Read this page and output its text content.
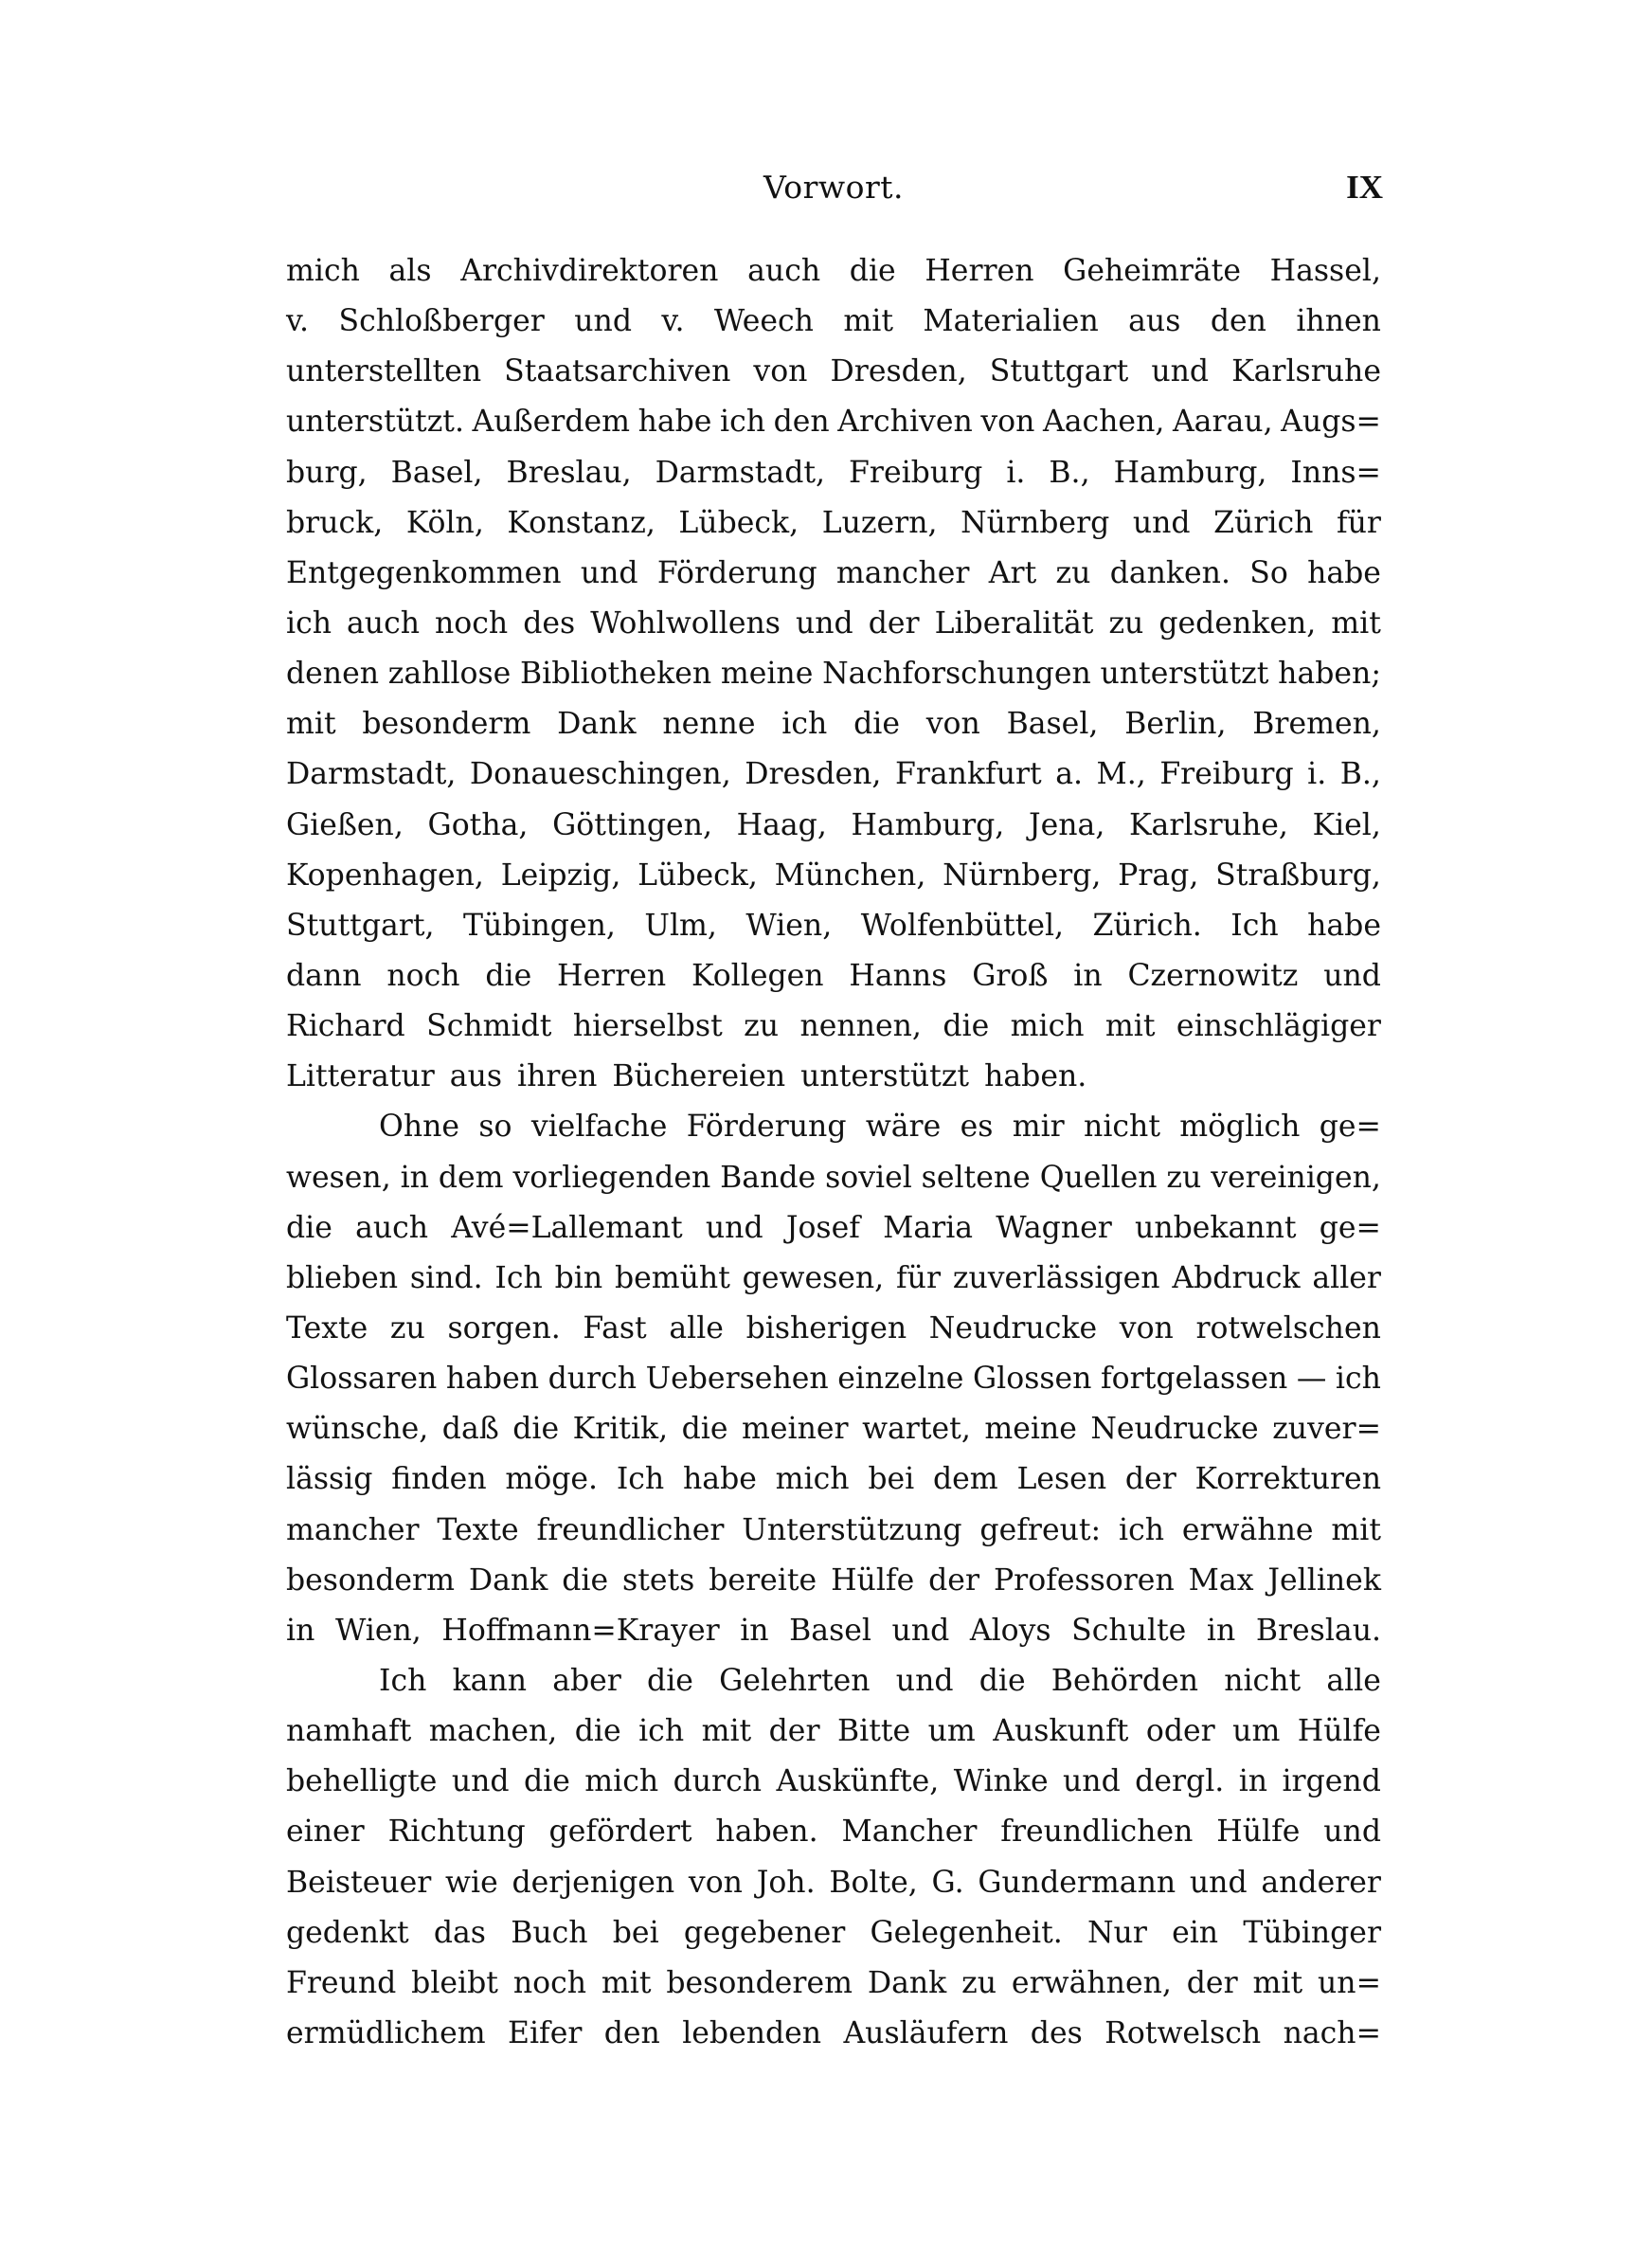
Vorwort.	IX
mich als Archivdirektoren auch die Herren Geheimräte Hassel,
v. Schloßberger und v. Weech mit Materialien aus den ihnen
unterstellten Staatsarchiven von Dresden, Stuttgart und Karlsruhe
unterstützt. Außerdem habe ich den Archiven von Aachen, Aarau, Augs=
burg, Basel, Breslau, Darmstadt, Freiburg i. B., Hamburg, Inns=
bruck, Köln, Konstanz, Lübeck, Luzern, Nürnberg und Zürich für
Entgegenkommen und Förderung mancher Art zu danken. So habe
ich auch noch des Wohlwollens und der Liberalität zu gedenken, mit
denen zahllose Bibliotheken meine Nachforschungen unterstützt haben;
mit besonderm Dank nenne ich die von Basel, Berlin, Bremen,
Darmstadt, Donaueschingen, Dresden, Frankfurt a. M., Freiburg i. B.,
Gießen, Gotha, Göttingen, Haag, Hamburg, Jena, Karlsruhe, Kiel,
Kopenhagen, Leipzig, Lübeck, München, Nürnberg, Prag, Straßburg,
Stuttgart, Tübingen, Ulm, Wien, Wolfenbüttel, Zürich. Ich habe
dann noch die Herren Kollegen Hanns Groß in Czernowitz und
Richard Schmidt hierselbst zu nennen, die mich mit einschlägiger
Litteratur aus ihren Büchereien unterstützt haben.
Ohne so vielfache Förderung wäre es mir nicht möglich ge=
wesen, in dem vorliegenden Bande soviel seltene Quellen zu vereinigen,
die auch Avé=Lallemant und Josef Maria Wagner unbekannt ge=
blieben sind. Ich bin bemüht gewesen, für zuverlässigen Abdruck aller
Texte zu sorgen. Fast alle bisherigen Neudrucke von rotwelschen
Glossaren haben durch Uebersehen einzelne Glossen fortgelassen — ich
wünsche, daß die Kritik, die meiner wartet, meine Neudrucke zuver=
lässig finden möge. Ich habe mich bei dem Lesen der Korrekturen
mancher Texte freundlicher Unterstützung gefreut: ich erwähne mit
besonderm Dank die stets bereite Hülfe der Professoren Max Jellinek
in Wien, Hoffmann=Krayer in Basel und Aloys Schulte in Breslau.
Ich kann aber die Gelehrten und die Behörden nicht alle
namhaft machen, die ich mit der Bitte um Auskunft oder um Hülfe
behelligte und die mich durch Auskünfte, Winke und dergl. in irgend
einer Richtung gefördert haben. Mancher freundlichen Hülfe und
Beisteuer wie derjenigen von Joh. Bolte, G. Gundermann und anderer
gedenkt das Buch bei gegebener Gelegenheit. Nur ein Tübinger
Freund bleibt noch mit besonderem Dank zu erwähnen, der mit un=
ermüdlichem Eifer den lebenden Ausläufern des Rotwelsch nach=
